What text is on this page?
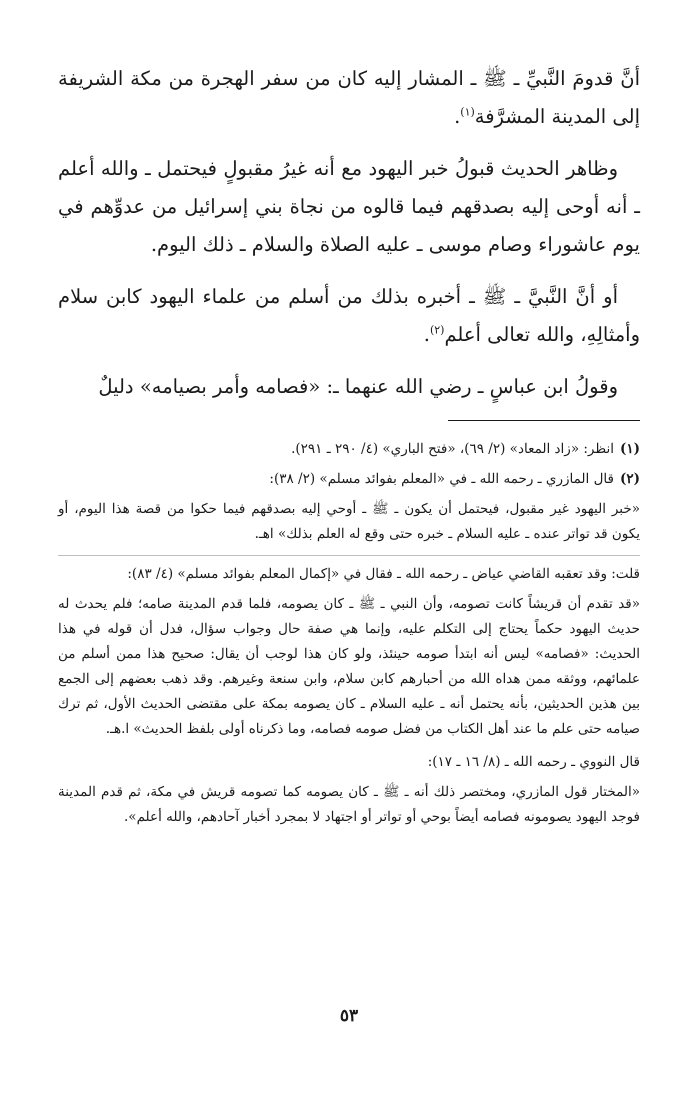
أنَّ قدومَ النَّبيِّ ـ ﷺ ـ المشار إليه كان من سفر الهجرة من مكة الشريفة إلى المدينة المشرَّفة$^{(١)}$.

وظاهر الحديث قبولُ خبر اليهود مع أنه غيرُ مقبولٍ فيحتمل ـ والله أعلم ـ أنه أوحى إليه بصدقهم فيما قالوه من نجاة بني إسرائيل من عدوِّهم في يوم عاشوراء وصام موسى ـ عليه الصلاة والسلام ـ ذلك اليوم.

أو أنَّ النَّبيَّ ـ ﷺ ـ أخبره بذلك من أسلم من علماء اليهود كابن سلام وأمثالِهِ، والله تعالى أعلم$^{(٢)}$.

وقولُ ابن عباسٍ ـ رضي الله عنهما ـ: «فصامه وأمر بصيامه» دليلٌ

(١)انظر: «زاد المعاد» (٢/ ٦٩)، «فتح الباري» (٤/ ٢٩٠ ـ ٢٩١).
(٢)قال المازري ـ رحمه الله ـ في «المعلم بفوائد مسلم» (٢/ ٣٨):
«خبر اليهود غير مقبول، فيحتمل أن يكون ـ ﷺ ـ أوحي إليه بصدقهم فيما حكوا من قصة هذا اليوم، أو يكون قد تواتر عنده ـ عليه السلام ـ خبره حتى وقع له العلم بذلك» اهـ.
قلت: وقد تعقبه القاضي عياض ـ رحمه الله ـ فقال في «إكمال المعلم بفوائد مسلم» (٤/ ٨٣):
«قد تقدم أن قريشاً كانت تصومه، وأن النبي ـ ﷺ ـ كان يصومه، فلما قدم المدينة صامه؛ فلم يحدث له حديث اليهود حكماً يحتاج إلى التكلم عليه، وإنما هي صفة حال وجواب سؤال، فدل أن قوله في هذا الحديث: «فصامه» ليس أنه ابتدأ صومه حينئذ، ولو كان هذا لوجب أن يقال: صحيح هذا ممن أسلم من علمائهم، ووثقه ممن هداه الله من أحبارهم كابن سلام، وابن سنعة وغيرهم. وقد ذهب بعضهم إلى الجمع بين هذين الحديثين، بأنه يحتمل أنه ـ عليه السلام ـ كان يصومه بمكة على مقتضى الحديث الأول، ثم ترك صيامه حتى علم ما عند أهل الكتاب من فضل صومه فصامه، وما ذكرناه أولى بلفظ الحديث» ا.هـ.
قال النووي ـ رحمه الله ـ (٨/ ١٦ ـ ١٧):
«المختار قول المازري، ومختصر ذلك أنه ـ ﷺ ـ كان يصومه كما تصومه قريش في مكة، ثم قدم المدينة فوجد اليهود يصومونه فصامه أيضاً بوحي أو تواتر أو اجتهاد لا بمجرد أخبار آحادهم، والله أعلم».
٥٣
